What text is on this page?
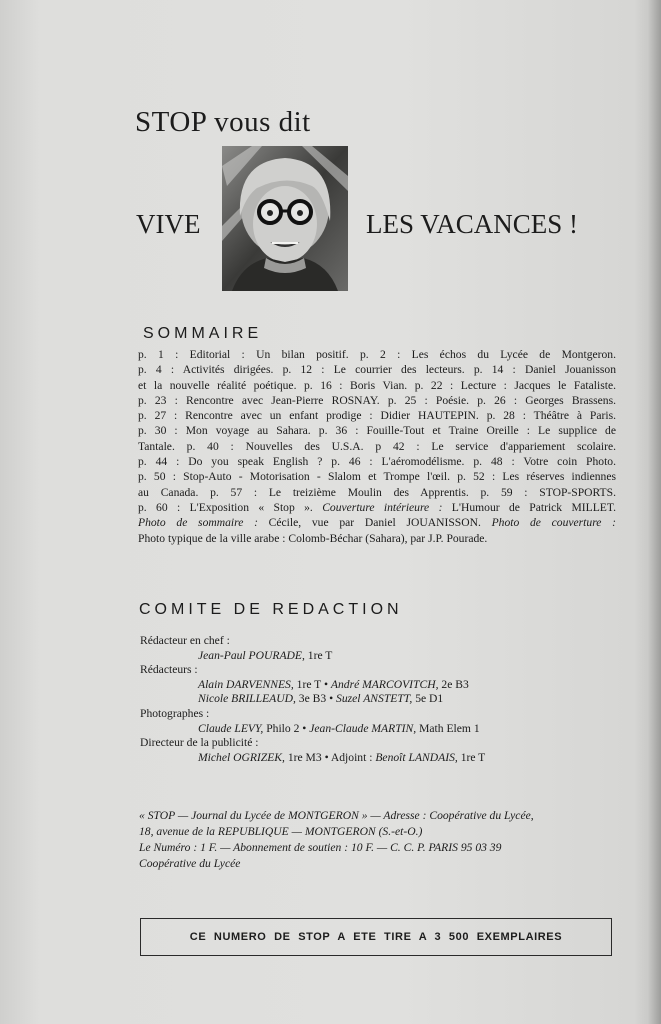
STOP vous dit
VIVE	LES VACANCES !
SOMMAIRE
p. 1 : Editorial : Un bilan positif. p. 2 : Les échos du Lycée de Montgeron.
p. 4 : Activités dirigées. p. 12 : Le courrier des lecteurs. p. 14 : Daniel Jouanisson
et la nouvelle réalité poétique. p. 16 : Boris Vian. p. 22 : Lecture : Jacques le Fataliste.
p. 23 : Rencontre avec Jean-Pierre ROSNAY. p. 25 : Poésie. p. 26 : Georges Brassens.
p. 27 : Rencontre avec un enfant prodige : Didier HAUTEPIN. p. 28 : Théâtre à Paris.
p. 30 : Mon voyage au Sahara. p. 36 : Fouille-Tout et Traine Oreille : Le supplice de
Tantale. p. 40 : Nouvelles des U.S.A. p 42 : Le service d'appariement scolaire.
p. 44 : Do you speak English ? p. 46 : L'aéromodélisme. p. 48 : Votre coin Photo.
p. 50 : Stop-Auto - Motorisation - Slalom et Trompe l'œil. p. 52 : Les réserves indiennes
au Canada. p. 57 : Le treizième Moulin des Apprentis. p. 59 : STOP-SPORTS.
p. 60 : L'Exposition « Stop ». Couverture intérieure : L'Humour de Patrick MILLET.
Photo de sommaire : Cécile, vue par Daniel JOUANISSON. Photo de couverture :
Photo typique de la ville arabe : Colomb-Béchar (Sahara), par J.P. Pourade.
COMITE DE REDACTION
Rédacteur en chef :
Jean-Paul POURADE, 1re T
Rédacteurs :
Alain DARVENNES, 1re T • André MARCOVITCH, 2e B3
Nicole BRILLEAUD, 3e B3 • Suzel ANSTETT, 5e D1
Photographes :
Claude LEVY, Philo 2 • Jean-Claude MARTIN, Math Elem 1
Directeur de la publicité :
Michel OGRIZEK, 1re M3 • Adjoint : Benoît LANDAIS, 1re T
« STOP — Journal du Lycée de MONTGERON » — Adresse : Coopérative du Lycée,
18, avenue de la REPUBLIQUE — MONTGERON (S.-et-O.)
Le Numéro : 1 F. — Abonnement de soutien : 10 F. — C. C. P. PARIS 95 03 39
Coopérative du Lycée
CE NUMERO DE STOP A ETE TIRE A 3 500 EXEMPLAIRES
